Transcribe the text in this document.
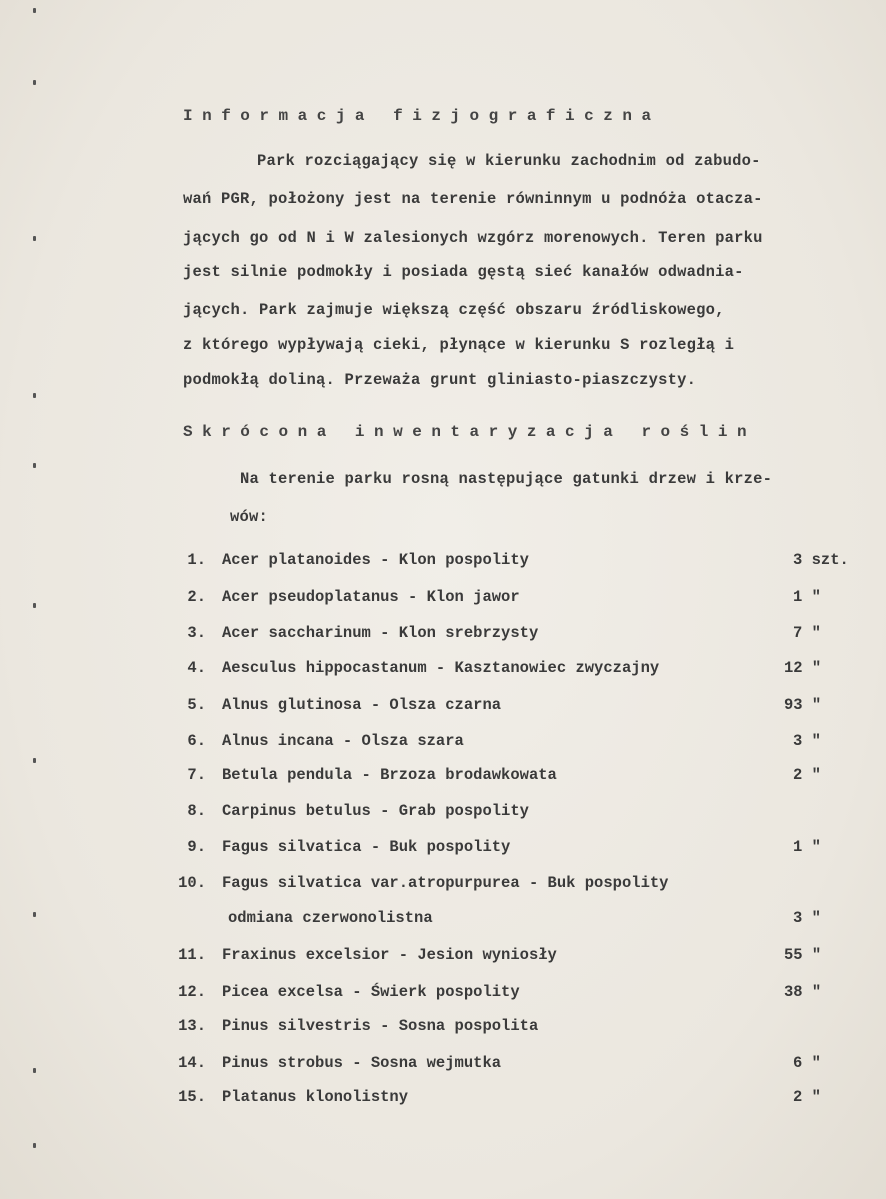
Informacja fizjograficzna
Park rozciągający się w kierunku zachodnim od zabudo-
wań PGR, położony jest na terenie równinnym u podnóża otacza-
jących go od N i W zalesionych wzgórz morenowych. Teren parku
jest silnie podmokły i posiada gęstą sieć kanałów odwadnia-
jących. Park zajmuje większą część obszaru źródliskowego,
z którego wypływają cieki, płynące w kierunku S rozległą i
podmokłą doliną. Przeważa grunt gliniasto-piaszczysty.
Skrócona inwentaryzacja roślin
Na terenie parku rosną następujące gatunki drzew i krze-
wów:
1. Acer platanoides - Klon pospolity	3 szt.
2. Acer pseudoplatanus - Klon jawor	1 "
3. Acer saccharinum - Klon srebrzysty	7 "
4. Aesculus hippocastanum - Kasztanowiec zwyczajny	12 "
5. Alnus glutinosa - Olsza czarna	93 "
6. Alnus incana - Olsza szara	3 "
7. Betula pendula - Brzoza brodawkowata	2 "
8. Carpinus betulus - Grab pospolity
9. Fagus silvatica - Buk pospolity	1 "
10. Fagus silvatica var.atropurpurea - Buk pospolity
odmiana czerwonolistna	3 "
11. Fraxinus excelsior - Jesion wyniosły	55 "
12. Picea excelsa - Świerk pospolity	38 "
13. Pinus silvestris - Sosna pospolita
14. Pinus strobus - Sosna wejmutka	6 "
15. Platanus klonolistny	2 "
